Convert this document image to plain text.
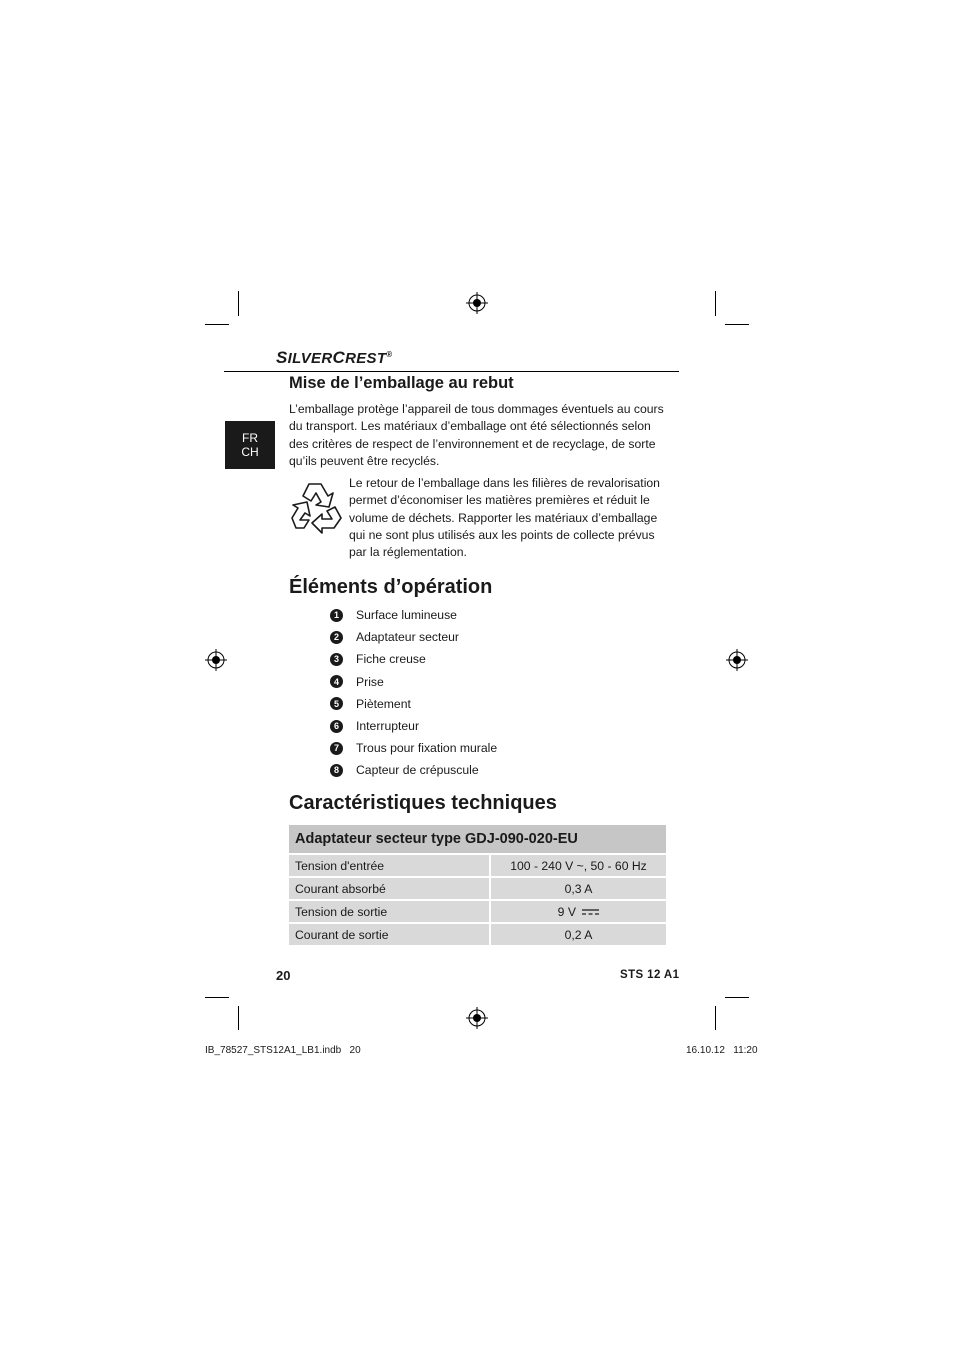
SILVERCREST®
FR
CH
Mise de l’emballage au rebut

L’emballage protège l’appareil de tous dommages éventuels au cours du transport. Les matériaux d’emballage ont été sélectionnés selon des critères de respect de l’environnement et de recyclage, de sorte qu’ils peuvent être recyclés.

Le retour de l’emballage dans les filières de revalorisation permet d’économiser les matières premières et réduit le volume de déchets. Rapporter les matériaux d’emballage qui ne sont plus utilisés aux les points de collecte prévus par la réglementation.

Éléments d’opération
1	Surface lumineuse
2	Adaptateur secteur
3	Fiche creuse
4	Prise
5	Piètement
6	Interrupteur
7	Trous pour fixation murale
8	Capteur de crépuscule
Caractéristiques techniques
Adaptateur secteur type GDJ-090-020-EU	
Tension d'entrée	100 - 240 V ~, 50 - 60 Hz
Courant absorbé	0,3 A
Tension de sortie	9 V
Courant de sortie	0,2 A
20	STS 12 A1
IB_78527_STS12A1_LB1.indb   20	16.10.12   11:20
